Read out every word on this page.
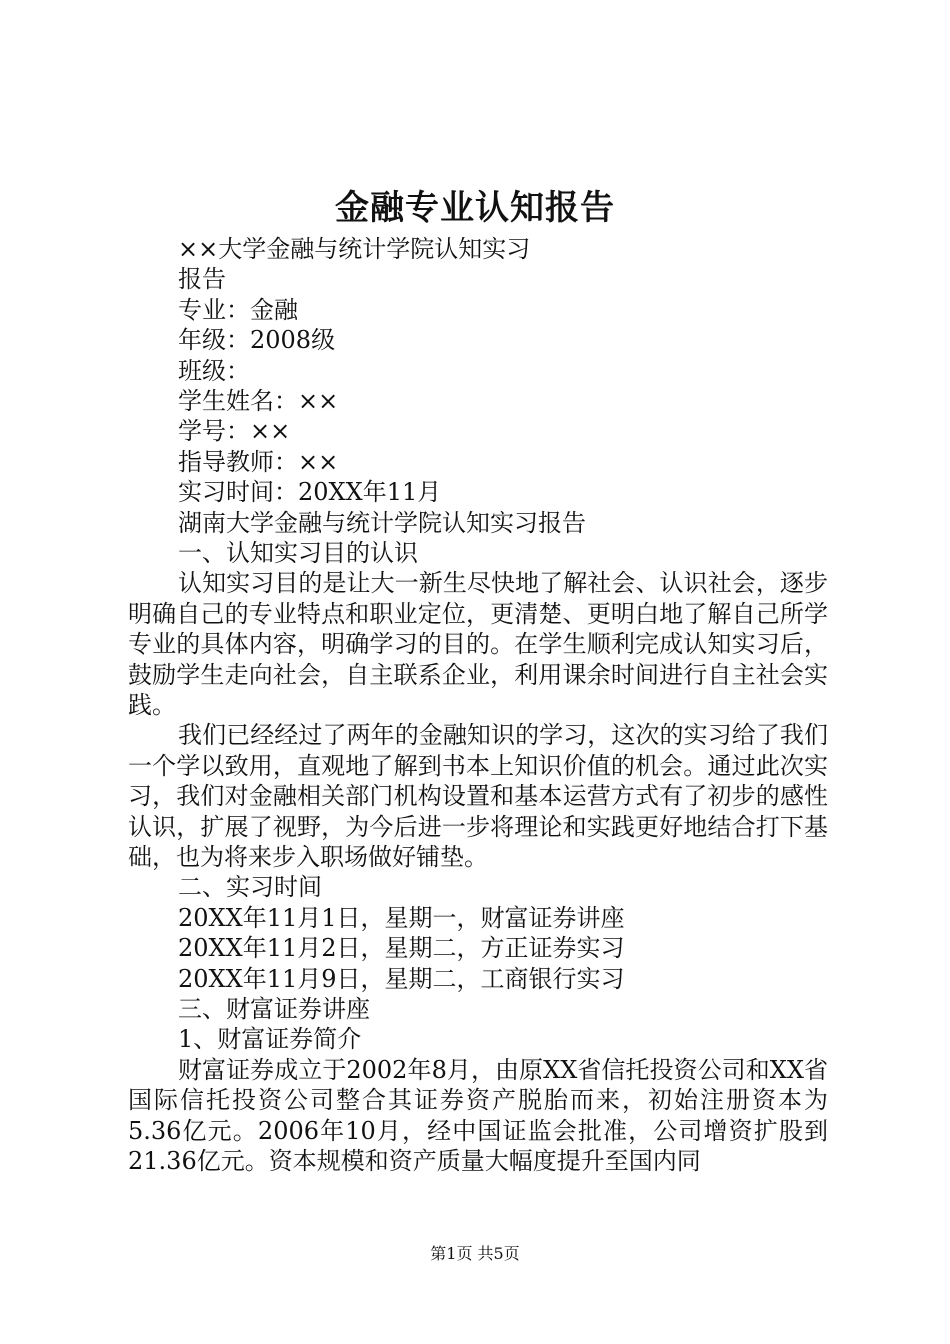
金融专业认知报告
××大学金融与统计学院认知实习
报告
专业：金融
年级：2008级
班级：
学生姓名：××
学号：××
指导教师：××
实习时间：20XX年11月
湖南大学金融与统计学院认知实习报告
一、认知实习目的认识
认知实习目的是让大一新生尽快地了解社会、认识社会，逐步明确自己的专业特点和职业定位，更清楚、更明白地了解自己所学专业的具体内容，明确学习的目的。在学生顺利完成认知实习后，鼓励学生走向社会，自主联系企业，利用课余时间进行自主社会实践。
我们已经经过了两年的金融知识的学习，这次的实习给了我们一个学以致用，直观地了解到书本上知识价值的机会。通过此次实习，我们对金融相关部门机构设置和基本运营方式有了初步的感性认识，扩展了视野，为今后进一步将理论和实践更好地结合打下基础，也为将来步入职场做好铺垫。
二、实习时间
20XX年11月1日，星期一，财富证券讲座
20XX年11月2日，星期二，方正证券实习
20XX年11月9日，星期二，工商银行实习
三、财富证券讲座
1、财富证券简介
财富证券成立于2002年8月，由原XX省信托投资公司和XX省国际信托投资公司整合其证券资产脱胎而来，初始注册资本为5.36亿元。2006年10月，经中国证监会批准，公司增资扩股到21.36亿元。资本规模和资产质量大幅度提升至国内同
第1页 共5页
